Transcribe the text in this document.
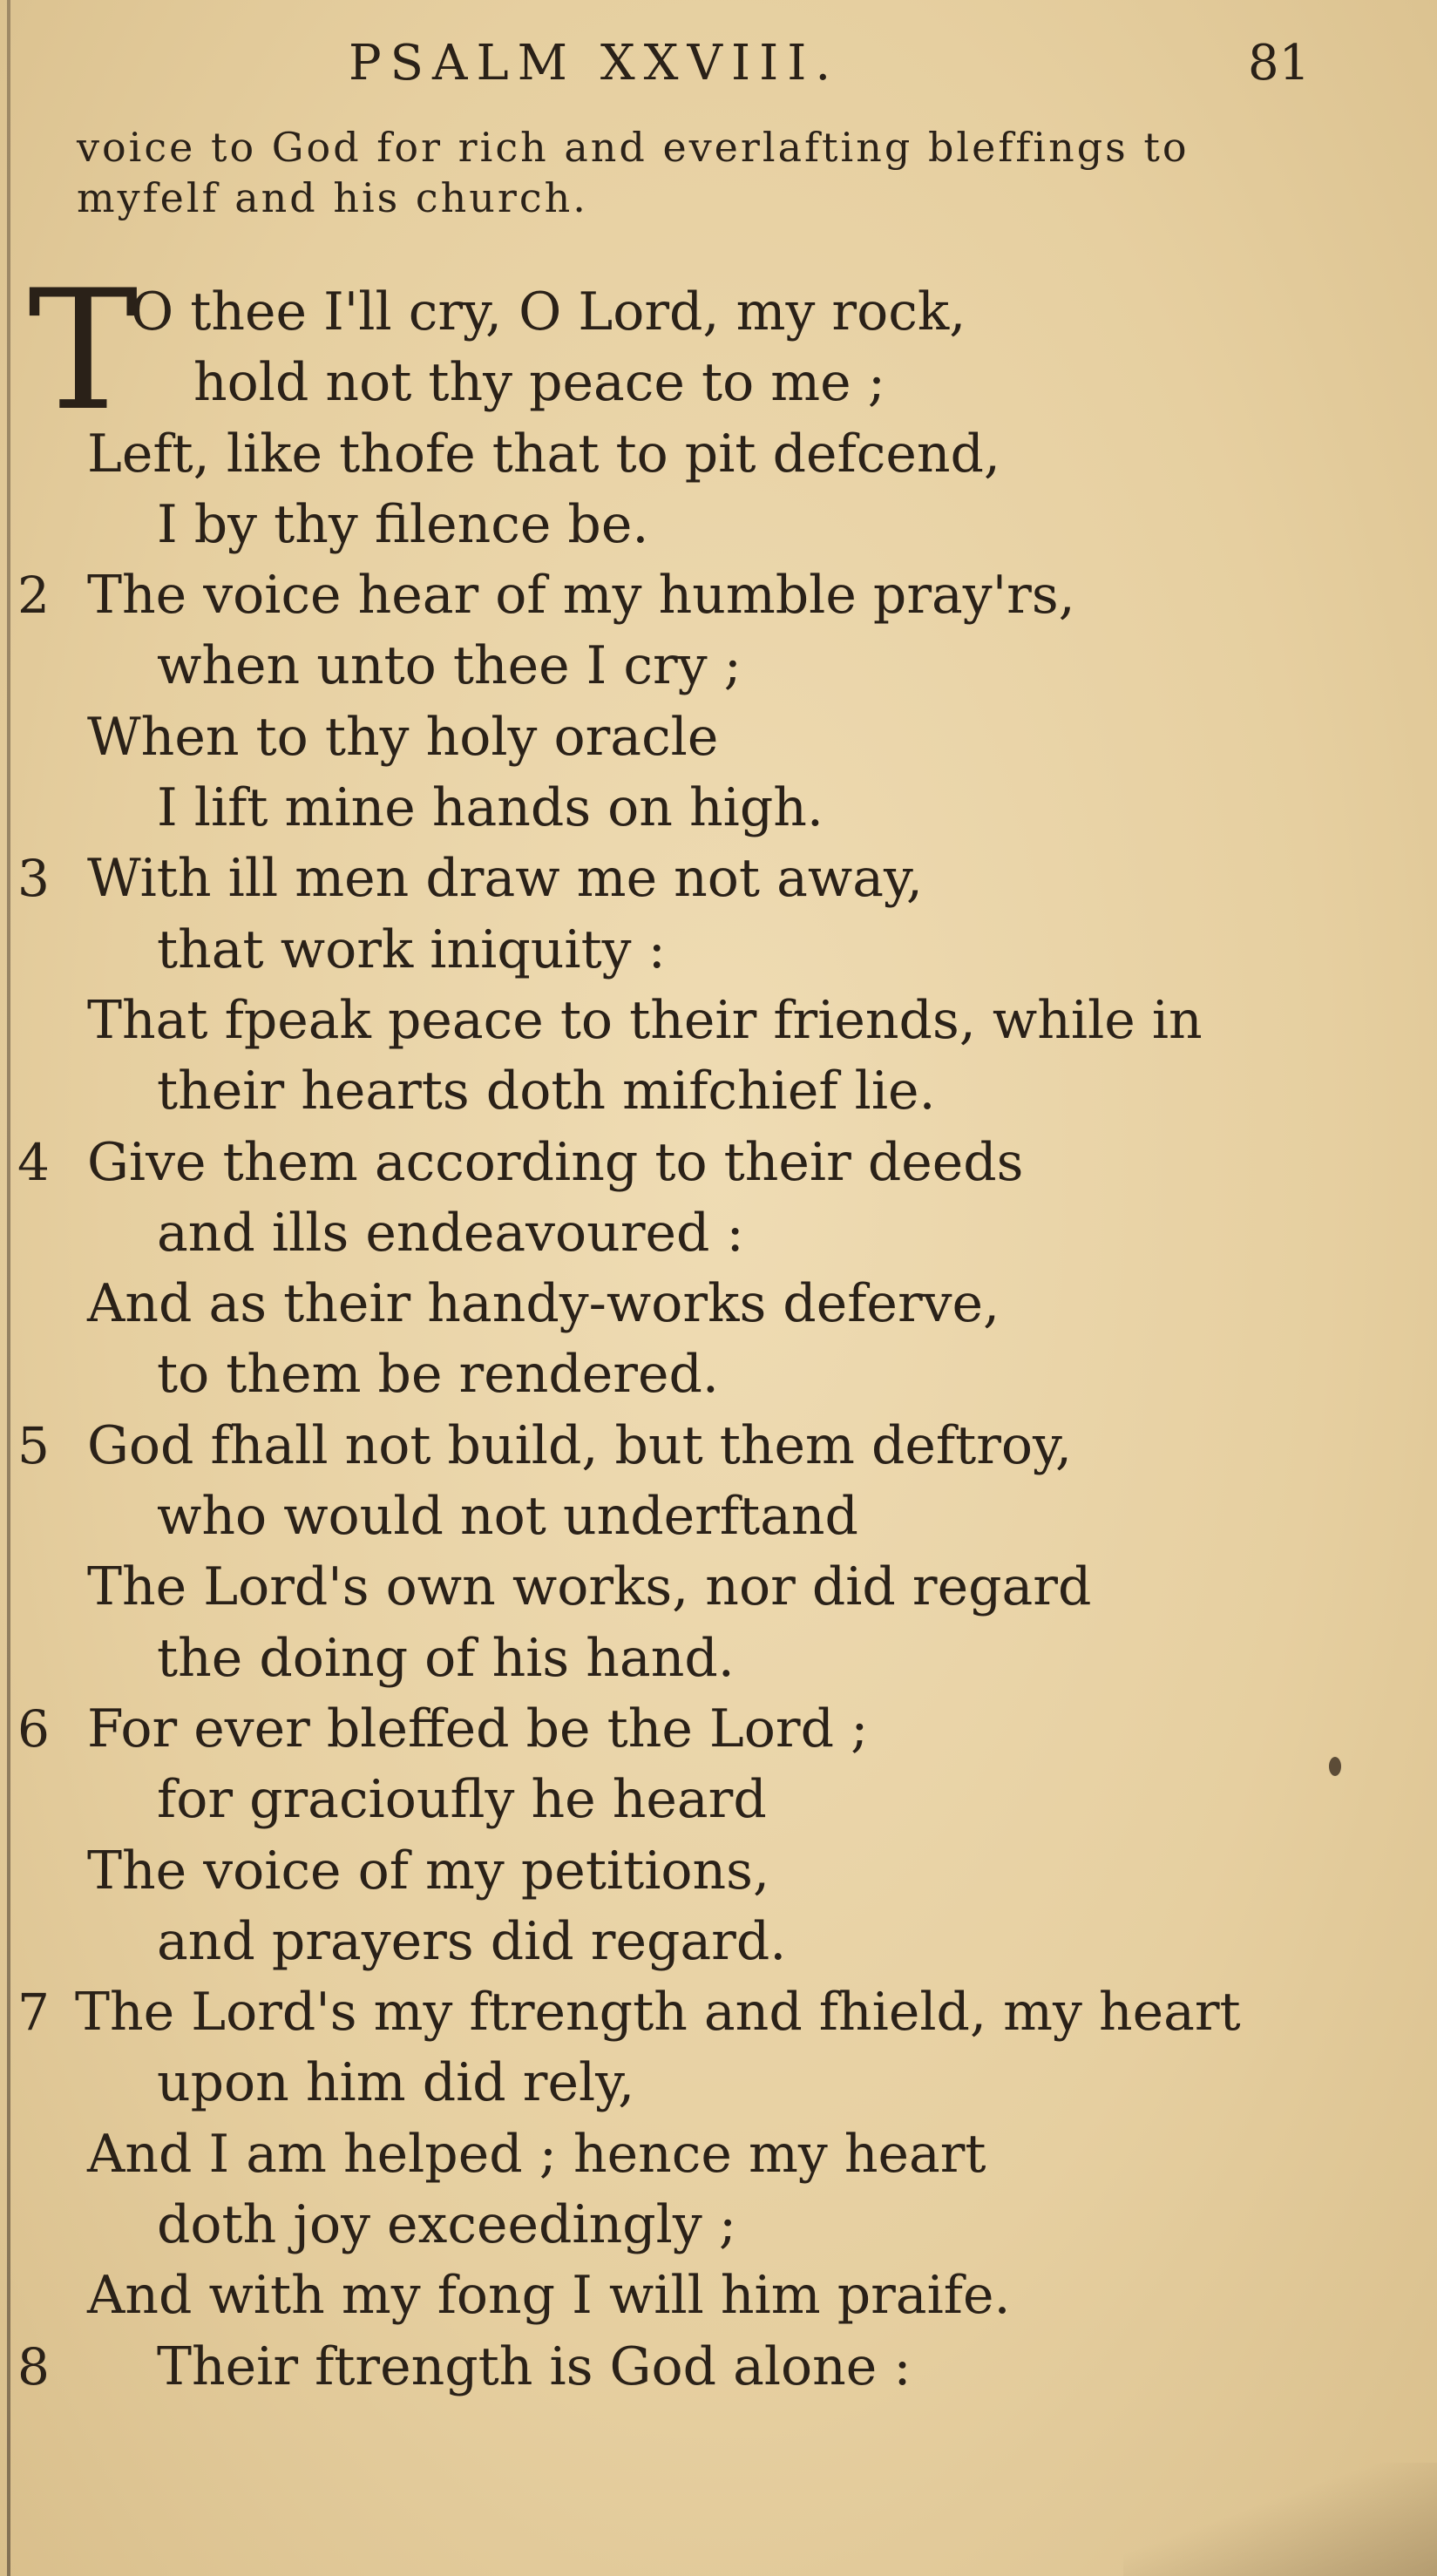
PSALM XXVIII.	81
voice to God for rich and everlafting bleffings to
myfelf and his church.
T
O thee I'll cry, O Lord, my rock,
hold not thy peace to me ;
Left, like thofe that to pit defcend,
I by thy filence be.
2 The voice hear of my humble pray'rs,
when unto thee I cry ;
When to thy holy oracle
I lift mine hands on high.
3 With ill men draw me not away,
that work iniquity :
That fpeak peace to their friends, while in
their hearts doth mifchief lie.
4 Give them according to their deeds
and ills endeavoured :
And as their handy-works deferve,
to them be rendered.
5 God fhall not build, but them deftroy,
who would not underftand
The Lord's own works, nor did regard
the doing of his hand.
6 For ever bleffed be the Lord ;
for gracioufly he heard
The voice of my petitions,
and prayers did regard.
7 The Lord's my ftrength and fhield, my heart
upon him did rely,
And I am helped ; hence my heart
doth joy exceedingly ;
And with my fong I will him praife.
8 Their ftrength is God alone :
